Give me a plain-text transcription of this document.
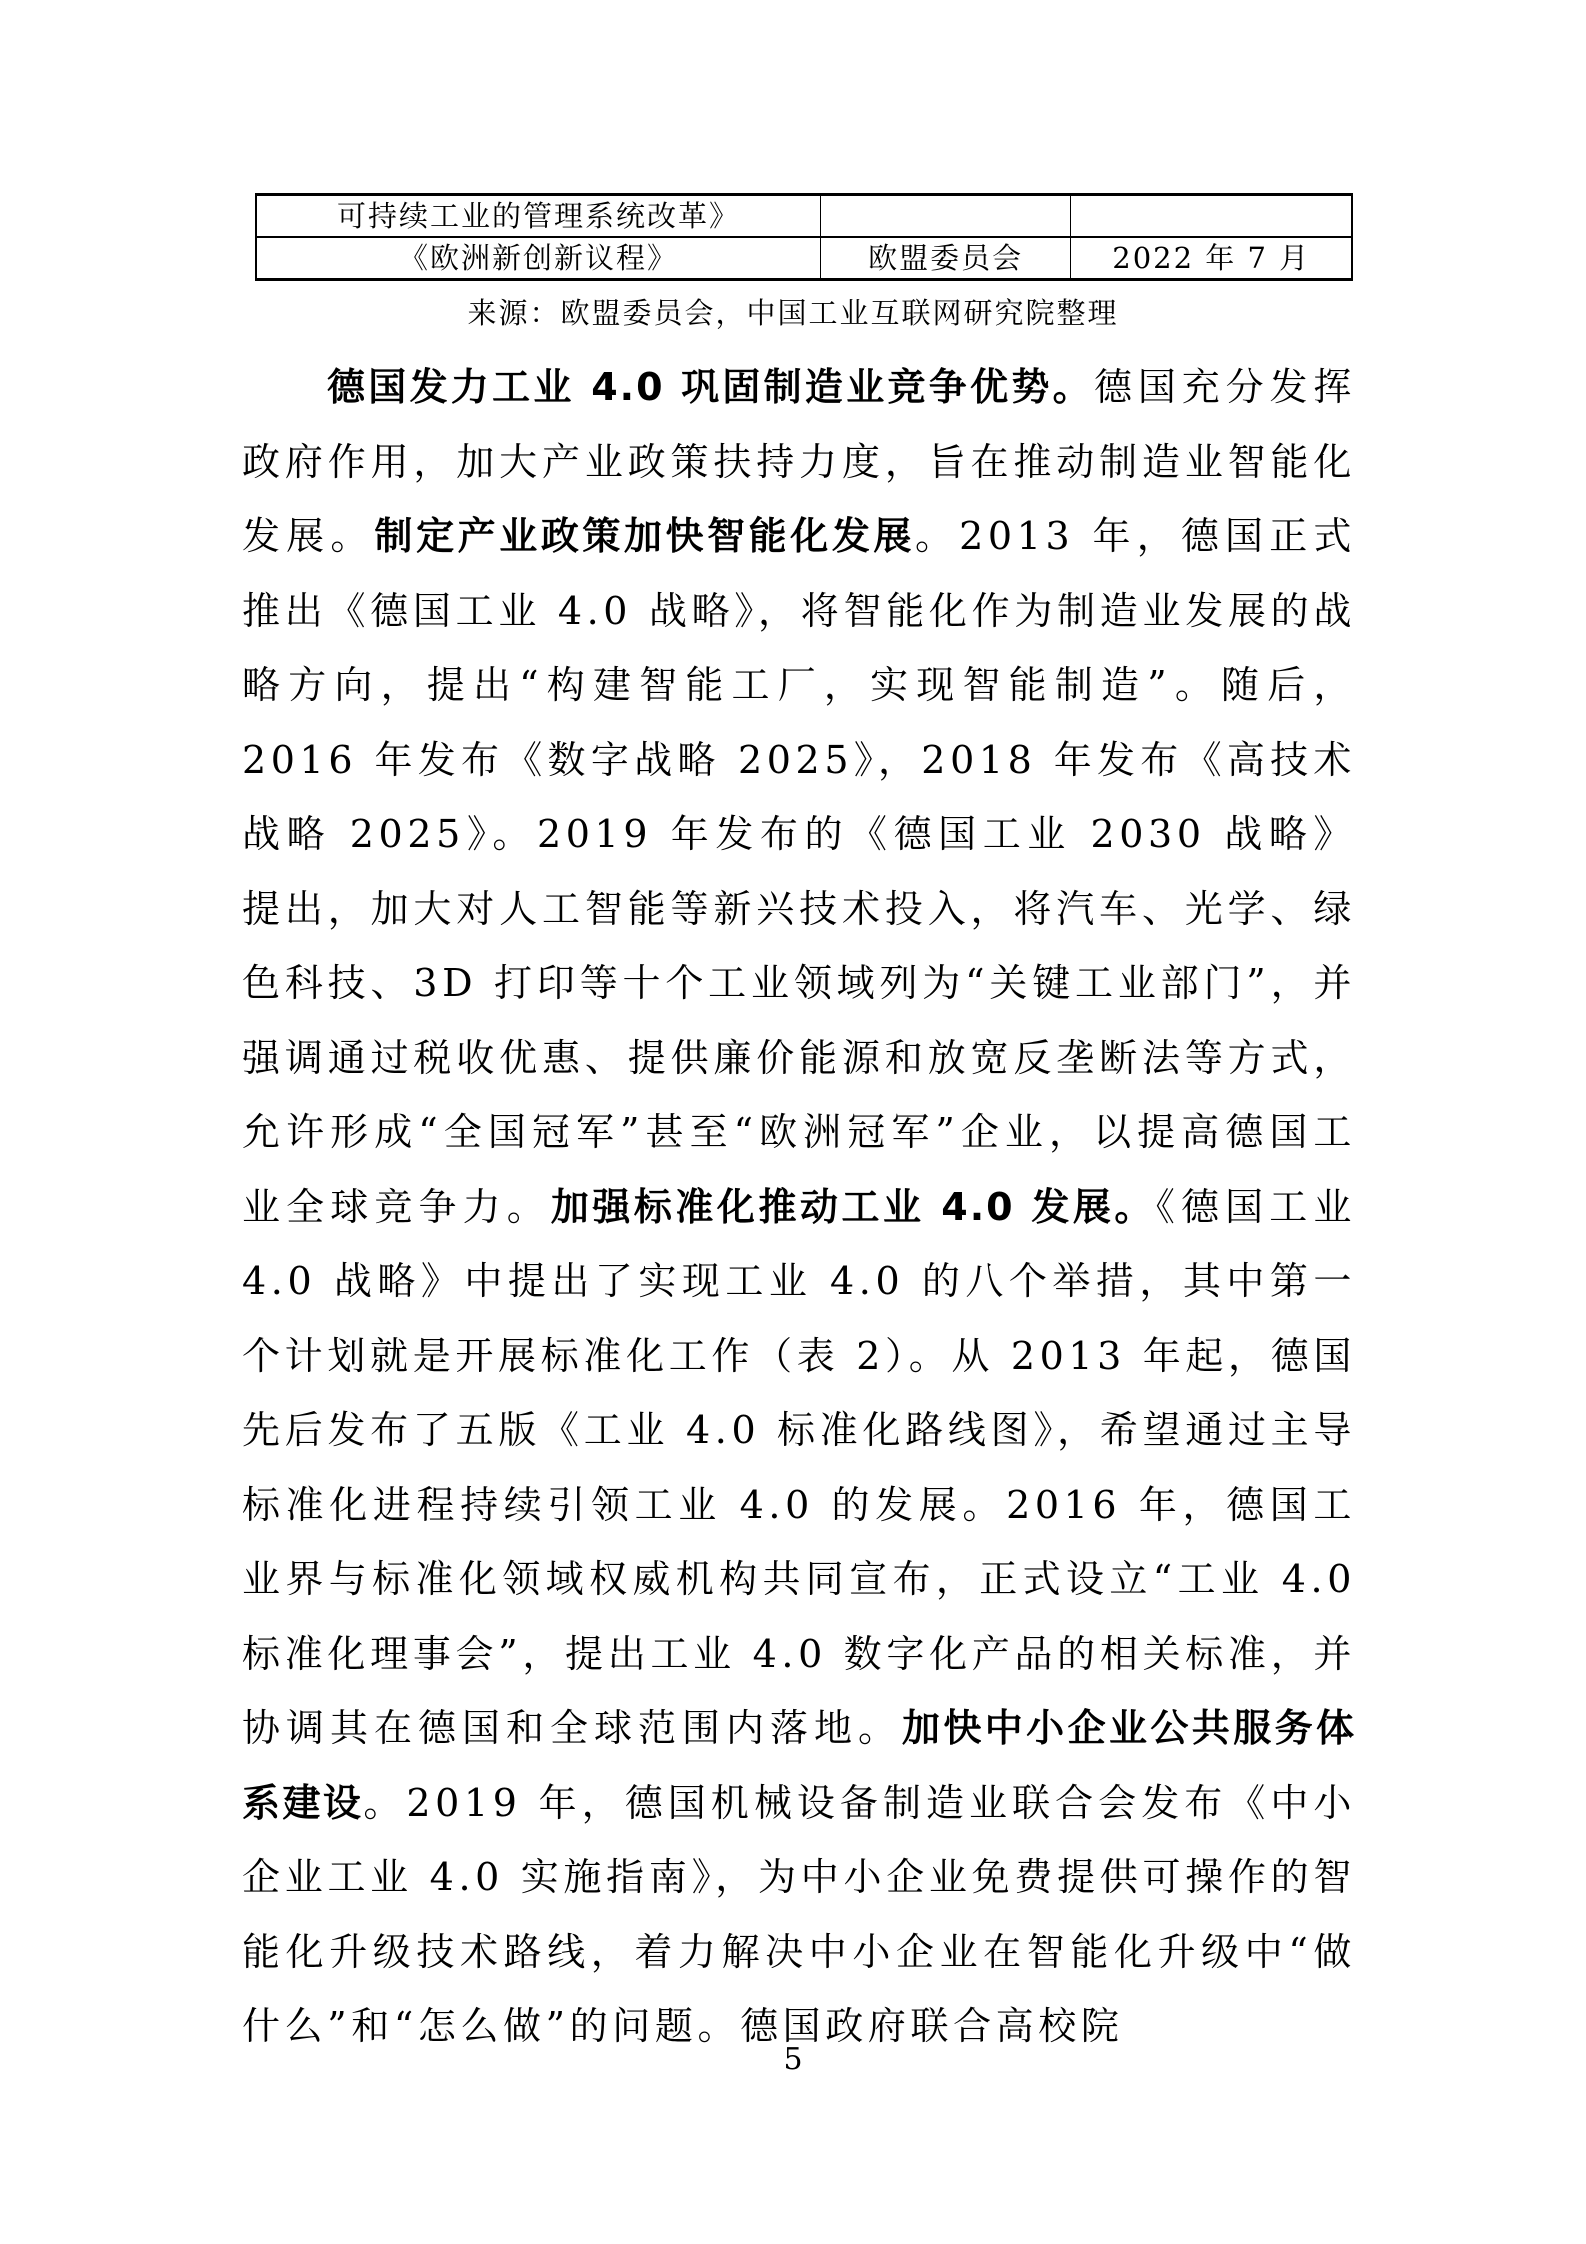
可持续工业的管理系统改革》		
《欧洲新创新议程》	欧盟委员会	2022 年 7 月
来源：欧盟委员会，中国工业互联网研究院整理

德国发力工业 4.0 巩固制造业竞争优势。德国充分发挥政府作用，加大产业政策扶持力度，旨在推动制造业智能化发展。制定产业政策加快智能化发展。2013 年，德国正式推出《德国工业 4.0 战略》，将智能化作为制造业发展的战略方向，提出“构建智能工厂，实现智能制造”。随后，2016 年发布《数字战略 2025》，2018 年发布《高技术战略 2025》。2019 年发布的《德国工业 2030 战略》提出，加大对人工智能等新兴技术投入，将汽车、光学、绿色科技、3D 打印等十个工业领域列为“关键工业部门”，并强调通过税收优惠、提供廉价能源和放宽反垄断法等方式，允许形成“全国冠军”甚至“欧洲冠军”企业，以提高德国工业全球竞争力。加强标准化推动工业 4.0 发展。《德国工业 4.0 战略》中提出了实现工业 4.0 的八个举措，其中第一个计划就是开展标准化工作（表 2）。从 2013 年起，德国先后发布了五版《工业 4.0 标准化路线图》，希望通过主导标准化进程持续引领工业 4.0 的发展。2016 年，德国工业界与标准化领域权威机构共同宣布，正式设立“工业 4.0 标准化理事会”，提出工业 4.0 数字化产品的相关标准，并协调其在德国和全球范围内落地。加快中小企业公共服务体系建设。2019 年，德国机械设备制造业联合会发布《中小企业工业 4.0 实施指南》，为中小企业免费提供可操作的智能化升级技术路线，着力解决中小企业在智能化升级中“做什么”和“怎么做”的问题。德国政府联合高校院

5
